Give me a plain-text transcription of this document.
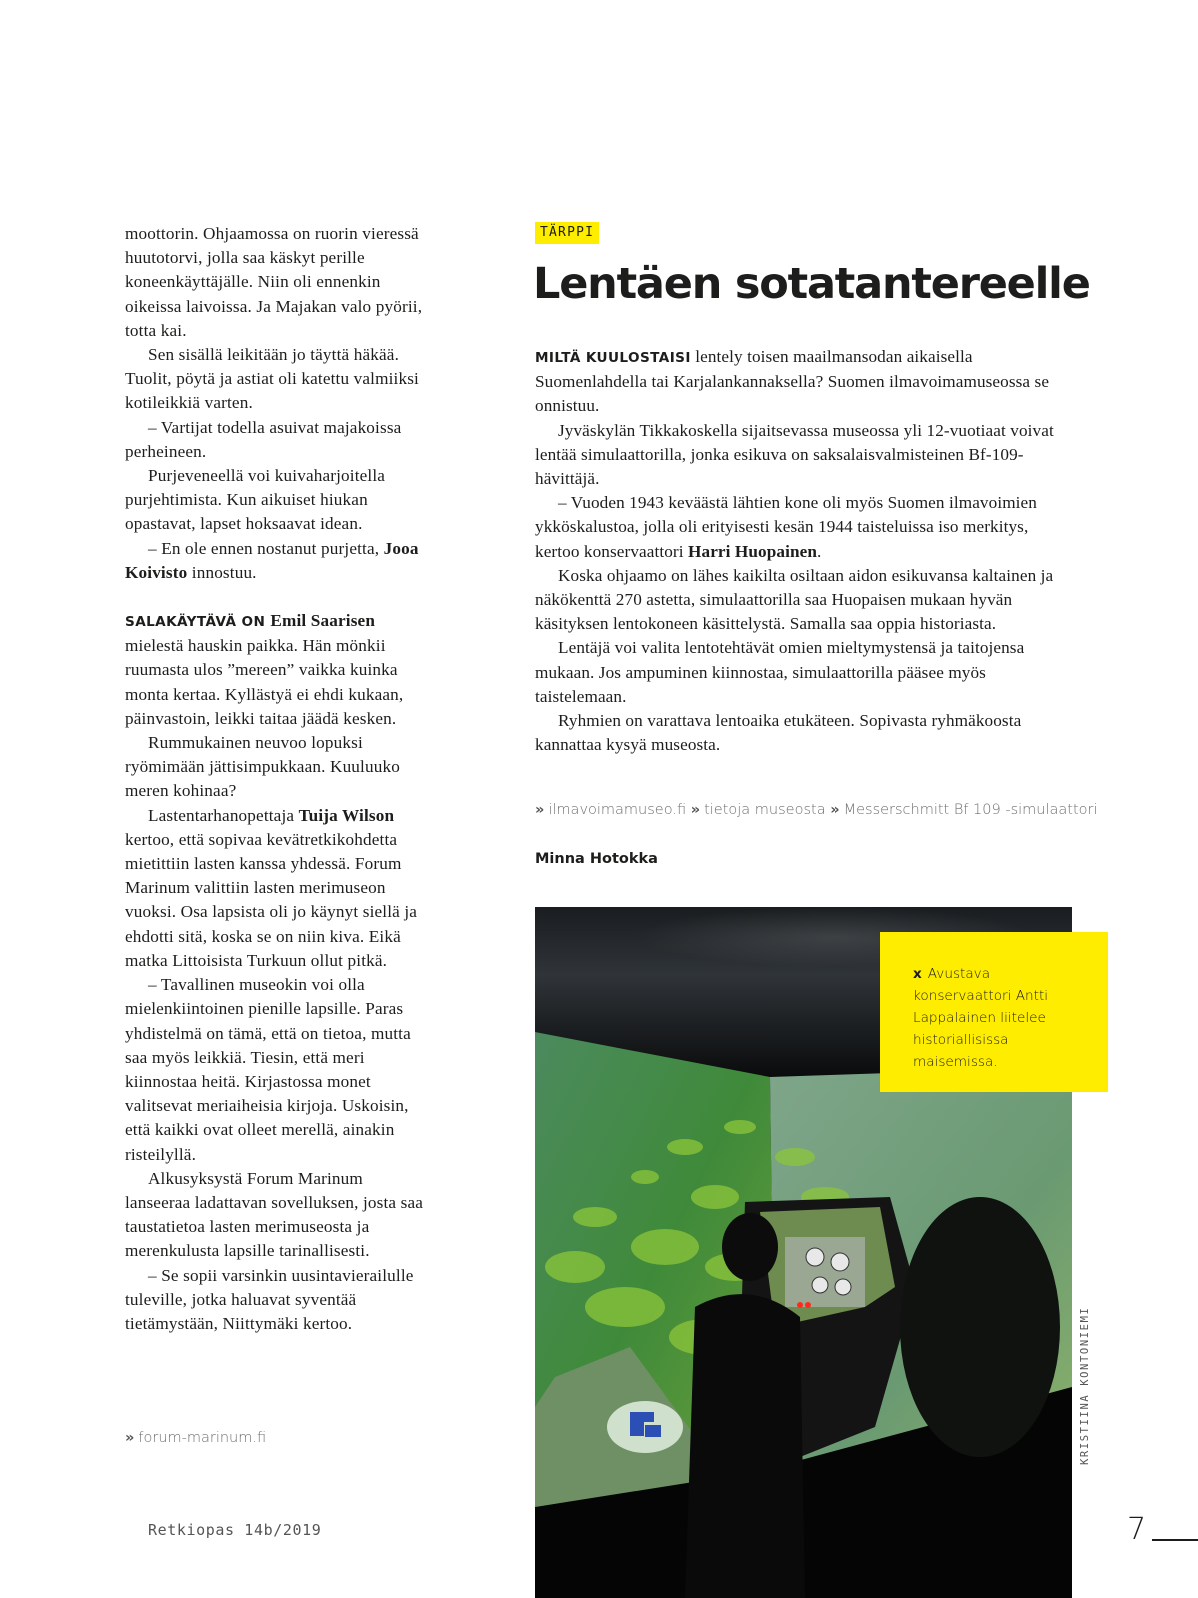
moottorin. Ohjaamossa on ruorin vieressä huutotorvi, jolla saa käskyt perille koneenkäyttäjälle. Niin oli ennenkin oikeissa laivoissa. Ja Majakan valo pyörii, totta kai.

Sen sisällä leikitään jo täyttä häkää. Tuolit, pöytä ja astiat oli katettu valmiiksi kotileikkiä varten.

– Vartijat todella asuivat majakoissa perheineen.

Purjeveneellä voi kuivaharjoitella purjehtimista. Kun aikuiset hiukan opastavat, lapset hoksaavat idean.

– En ole ennen nostanut purjetta, Jooa Koivisto innostuu.

SALAKÄYTÄVÄ ON Emil Saarisen mielestä hauskin paikka. Hän mönkii ruumasta ulos ”mereen” vaikka kuinka monta kertaa. Kyllästyä ei ehdi kukaan, päinvastoin, leikki taitaa jäädä kesken.

Rummukainen neuvoo lopuksi ryömimään jättisimpukkaan. Kuuluuko meren kohinaa?

Lastentarhanopettaja Tuija Wilson kertoo, että sopivaa kevätretkikohdetta mietittiin lasten kanssa yhdessä. Forum Marinum valittiin lasten merimuseon vuoksi. Osa lapsista oli jo käynyt siellä ja ehdotti sitä, koska se on niin kiva. Eikä matka Littoisista Turkuun ollut pitkä.

– Tavallinen museokin voi olla mielenkiintoinen pienille lapsille. Paras yhdistelmä on tämä, että on tietoa, mutta saa myös leikkiä. Tiesin, että meri kiinnostaa heitä. Kirjastossa monet valitsevat meriaiheisia kirjoja. Uskoisin, että kaikki ovat olleet merellä, ainakin risteilyllä.

Alkusyksystä Forum Marinum lanseeraa ladattavan sovelluksen, josta saa taustatietoa lasten merimuseosta ja merenkulusta lapsille tarinallisesti.

– Se sopii varsinkin uusintavierailulle tuleville, jotka haluavat syventää tietämystään, Niittymäki kertoo.

» forum-marinum.fi
TÄRPPI
Lentäen sotatantereelle

MILTÄ KUULOSTAISI lentely toisen maailmansodan aikaisella Suomenlahdella tai Karjalankannaksella? Suomen ilmavoimamuseossa se onnistuu.

Jyväskylän Tikkakoskella sijaitsevassa museossa yli 12-vuotiaat voivat lentää simulaattorilla, jonka esikuva on saksalaisvalmisteinen Bf-109-hävittäjä.

– Vuoden 1943 keväästä lähtien kone oli myös Suomen ilmavoimien ykköskalustoa, jolla oli erityisesti kesän 1944 taisteluissa iso merkitys, kertoo konservaattori Harri Huopainen.

Koska ohjaamo on lähes kaikilta osiltaan aidon esikuvansa kaltainen ja näkökenttä 270 astetta, simulaattorilla saa Huopaisen mukaan hyvän käsityksen lentokoneen käsittelystä. Samalla saa oppia historiasta.

Lentäjä voi valita lentotehtävät omien mieltymystensä ja taitojensa mukaan. Jos ampuminen kiinnostaa, simulaattorilla pääsee myös taistelemaan.

Ryhmien on varattava lentoaika etukäteen. Sopivasta ryhmäkoosta kannattaa kysyä museosta.

» ilmavoimamuseo.fi » tietoja museosta » Messerschmitt Bf 109 -simulaattori
Minna Hotokka
x Avustava konservaattori Antti Lappalainen liitelee historiallisissa maisemissa.
KRISTIINA KONTONIEMI
Retkiopas 14b/2019	7
